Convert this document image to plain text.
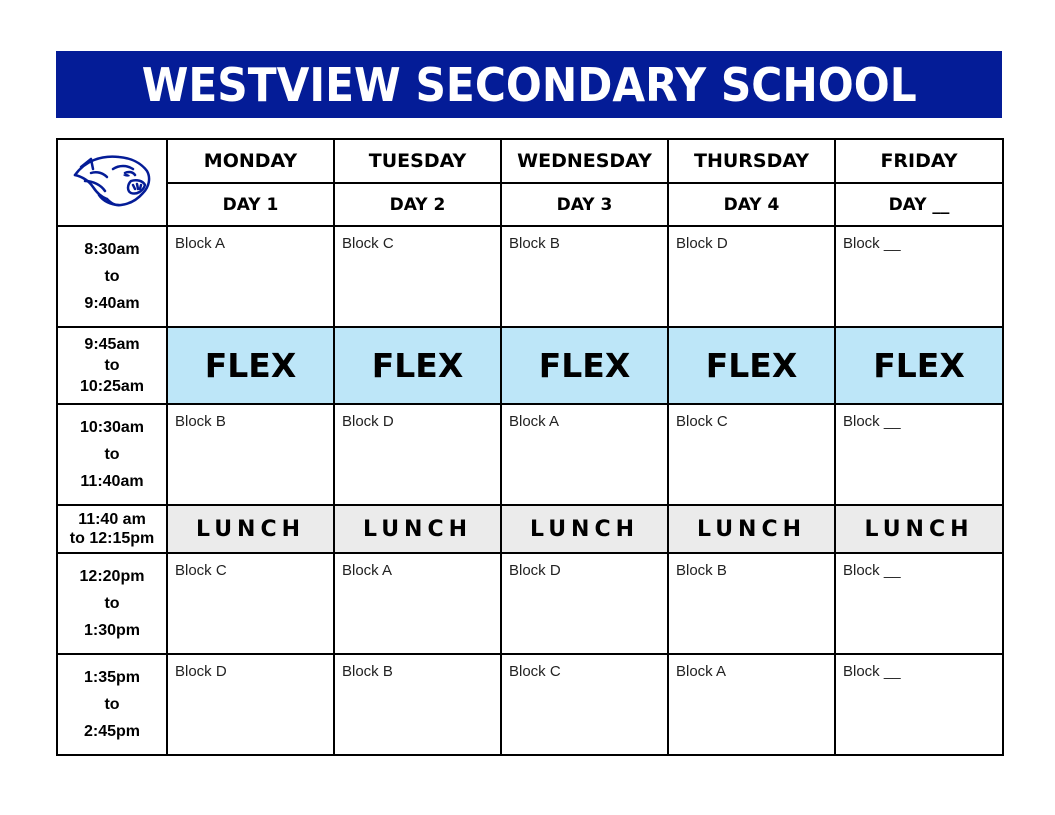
WESTVIEW SECONDARY SCHOOL
	MONDAY	TUESDAY	WEDNESDAY	THURSDAY	FRIDAY
	DAY 1	DAY 2	DAY 3	DAY 4	DAY __

8:30am
to
9:40am	Block A	Block C	Block B	Block D	Block __

9:45am
to
10:25am	FLEX	FLEX	FLEX	FLEX	FLEX

10:30am
to
11:40am	Block B	Block D	Block A	Block C	Block __

11:40 am
to 12:15pm	LUNCH	LUNCH	LUNCH	LUNCH	LUNCH

12:20pm
to
1:30pm	Block C	Block A	Block D	Block B	Block __

1:35pm
to
2:45pm	Block D	Block B	Block C	Block A	Block __
